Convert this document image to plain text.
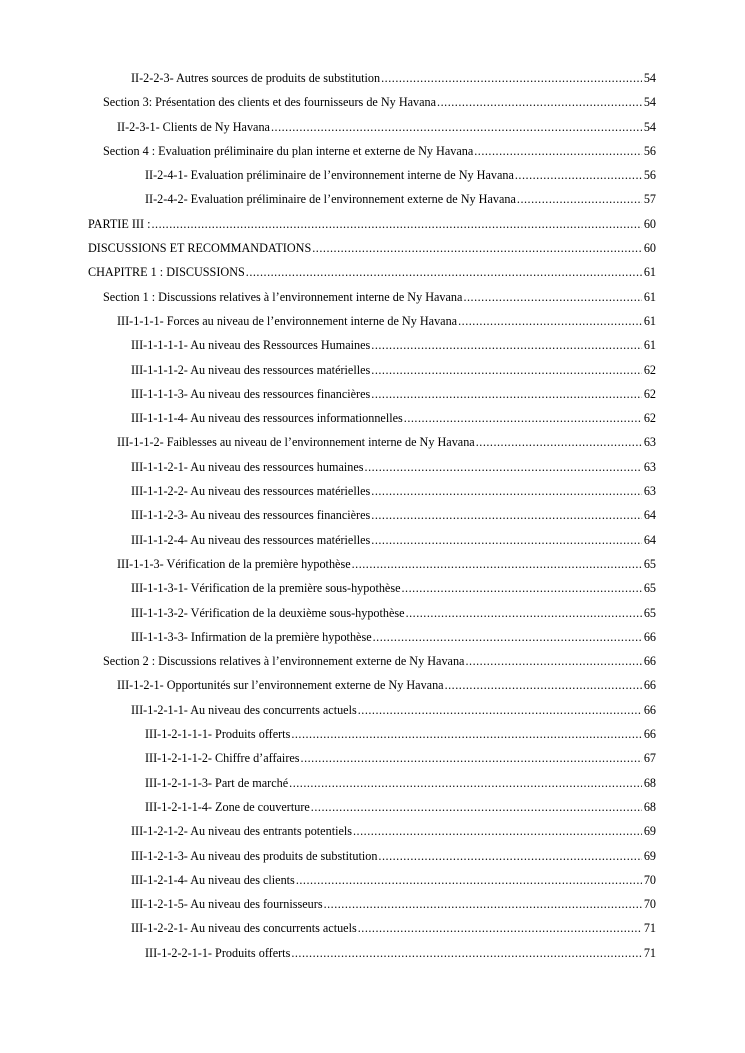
II-2-2-3- Autres sources de produits de substitution .....	54
Section 3: Présentation des clients et des fournisseurs de Ny Havana .....	54
II-2-3-1- Clients de Ny Havana .....	54
Section 4 : Evaluation préliminaire du plan interne et externe de Ny Havana .....	56
II-2-4-1- Evaluation préliminaire de l’environnement interne de Ny Havana .....	56
II-2-4-2- Evaluation préliminaire de l’environnement externe de Ny Havana .....	57
PARTIE III : .....	60
DISCUSSIONS ET RECOMMANDATIONS .....	60
CHAPITRE 1 : DISCUSSIONS .....	61
Section 1 : Discussions relatives à l’environnement interne de Ny Havana .....	61
III-1-1-1- Forces au niveau de l’environnement interne de Ny Havana .....	61
III-1-1-1-1- Au niveau des Ressources Humaines .....	61
III-1-1-1-2- Au niveau des ressources matérielles .....	62
III-1-1-1-3- Au niveau des ressources financières .....	62
III-1-1-1-4- Au niveau des ressources informationnelles .....	62
III-1-1-2- Faiblesses au niveau de l’environnement interne de Ny Havana .....	63
III-1-1-2-1- Au niveau des ressources humaines .....	63
III-1-1-2-2- Au niveau des ressources matérielles .....	63
III-1-1-2-3- Au niveau des ressources financières .....	64
III-1-1-2-4- Au niveau des ressources matérielles .....	64
III-1-1-3- Vérification de la première hypothèse .....	65
III-1-1-3-1- Vérification de la première sous-hypothèse .....	65
III-1-1-3-2- Vérification de la deuxième sous-hypothèse .....	65
III-1-1-3-3- Infirmation de la première hypothèse .....	66
Section 2 : Discussions relatives à l’environnement externe de Ny Havana .....	66
III-1-2-1- Opportunités sur l’environnement externe de Ny Havana .....	66
III-1-2-1-1- Au niveau des concurrents actuels .....	66
III-1-2-1-1-1- Produits offerts .....	66
III-1-2-1-1-2- Chiffre d’affaires .....	67
III-1-2-1-1-3- Part de marché .....	68
III-1-2-1-1-4- Zone de couverture .....	68
III-1-2-1-2- Au niveau des entrants potentiels .....	69
III-1-2-1-3- Au niveau des produits de substitution .....	69
III-1-2-1-4- Au niveau des clients .....	70
III-1-2-1-5- Au niveau des fournisseurs .....	70
III-1-2-2-1- Au niveau des concurrents actuels .....	71
III-1-2-2-1-1- Produits offerts .....	71
